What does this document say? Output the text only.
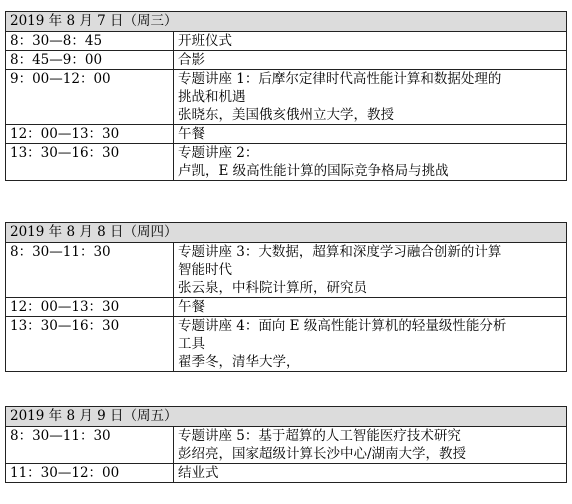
2019 年 8 月 7 日（周三）
8：30—8：45	开班仪式
8：45—9：00	合影
9：00—12：00	专题讲座 1：后摩尔定律时代高性能计算和数据处理的
挑战和机遇
张晓东，美国俄亥俄州立大学，教授
12：00—13：30	午餐
13：30—16：30	专题讲座 2：
卢凯，E 级高性能计算的国际竞争格局与挑战
2019 年 8 月 8 日（周四）
8：30—11：30	专题讲座 3：大数据，超算和深度学习融合创新的计算
智能时代
张云泉，中科院计算所，研究员
12：00—13：30	午餐
13：30—16：30	专题讲座 4：面向 E 级高性能计算机的轻量级性能分析
工具
翟季冬，清华大学，
2019 年 8 月 9 日（周五）
8：30—11：30	专题讲座 5：基于超算的人工智能医疗技术研究
彭绍亮，国家超级计算长沙中心/湖南大学，教授
11：30—12：00	结业式
